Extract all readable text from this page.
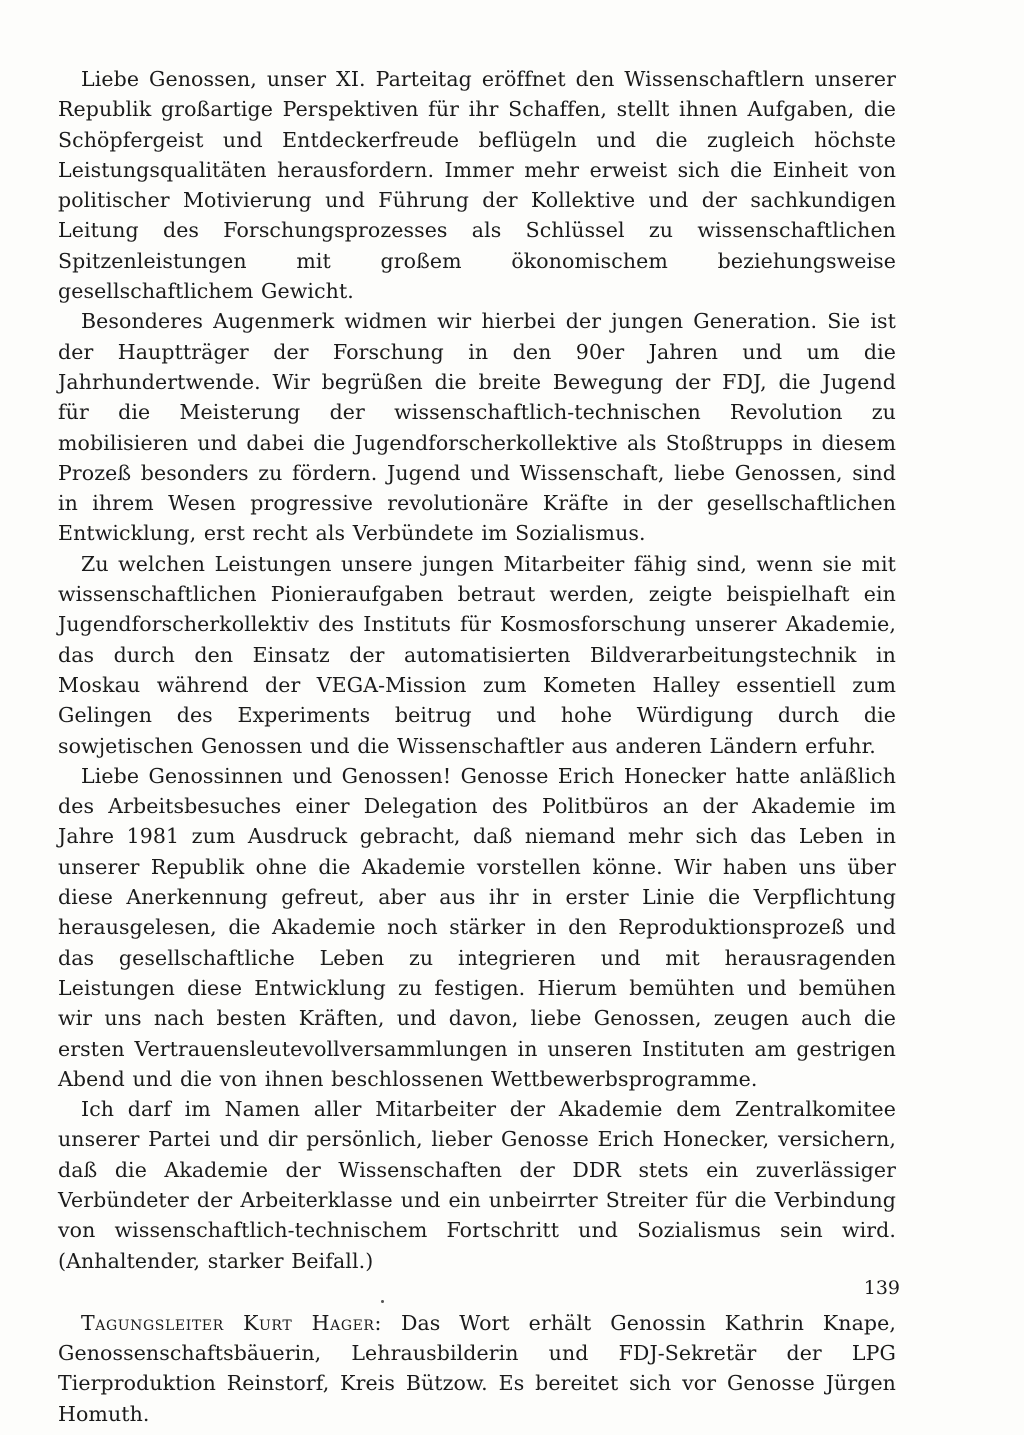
Liebe Genossen, unser XI. Parteitag eröffnet den Wissenschaftlern unserer Republik großartige Perspektiven für ihr Schaffen, stellt ihnen Aufgaben, die Schöpfergeist und Entdeckerfreude beflügeln und die zugleich höchste Leistungsqualitäten herausfordern. Immer mehr erweist sich die Einheit von politischer Motivierung und Führung der Kollektive und der sachkundigen Leitung des Forschungsprozesses als Schlüssel zu wissenschaftlichen Spitzenleistungen mit großem ökonomischem beziehungsweise gesellschaftlichem Gewicht.

Besonderes Augenmerk widmen wir hierbei der jungen Generation. Sie ist der Hauptträger der Forschung in den 90er Jahren und um die Jahrhundertwende. Wir begrüßen die breite Bewegung der FDJ, die Jugend für die Meisterung der wissenschaftlich-technischen Revolution zu mobilisieren und dabei die Jugendforscherkollektive als Stoßtrupps in diesem Prozeß besonders zu fördern. Jugend und Wissenschaft, liebe Genossen, sind in ihrem Wesen progressive revolutionäre Kräfte in der gesellschaftlichen Entwicklung, erst recht als Verbündete im Sozialismus.

Zu welchen Leistungen unsere jungen Mitarbeiter fähig sind, wenn sie mit wissenschaftlichen Pionieraufgaben betraut werden, zeigte beispielhaft ein Jugendforscherkollektiv des Instituts für Kosmosforschung unserer Akademie, das durch den Einsatz der automatisierten Bildverarbeitungstechnik in Moskau während der VEGA-Mission zum Kometen Halley essentiell zum Gelingen des Experiments beitrug und hohe Würdigung durch die sowjetischen Genossen und die Wissenschaftler aus anderen Ländern erfuhr.

Liebe Genossinnen und Genossen! Genosse Erich Honecker hatte anläßlich des Arbeitsbesuches einer Delegation des Politbüros an der Akademie im Jahre 1981 zum Ausdruck gebracht, daß niemand mehr sich das Leben in unserer Republik ohne die Akademie vorstellen könne. Wir haben uns über diese Anerkennung gefreut, aber aus ihr in erster Linie die Verpflichtung herausgelesen, die Akademie noch stärker in den Reproduktionsprozeß und das gesellschaftliche Leben zu integrieren und mit herausragenden Leistungen diese Entwicklung zu festigen. Hierum bemühten und bemühen wir uns nach besten Kräften, und davon, liebe Genossen, zeugen auch die ersten Vertrauensleutevollversammlungen in unseren Instituten am gestrigen Abend und die von ihnen beschlossenen Wettbewerbsprogramme.

Ich darf im Namen aller Mitarbeiter der Akademie dem Zentralkomitee unserer Partei und dir persönlich, lieber Genosse Erich Honecker, versichern, daß die Akademie der Wissenschaften der DDR stets ein zuverlässiger Verbündeter der Arbeiterklasse und ein unbeirrter Streiter für die Verbindung von wissenschaftlich-technischem Fortschritt und Sozialismus sein wird. (Anhaltender, starker Beifall.)

Tagungsleiter Kurt Hager: Das Wort erhält Genossin Kathrin Knape, Genossenschaftsbäuerin, Lehrausbilderin und FDJ-Sekretär der LPG Tierproduktion Reinstorf, Kreis Bützow. Es bereitet sich vor Genosse Jürgen Homuth.

139
